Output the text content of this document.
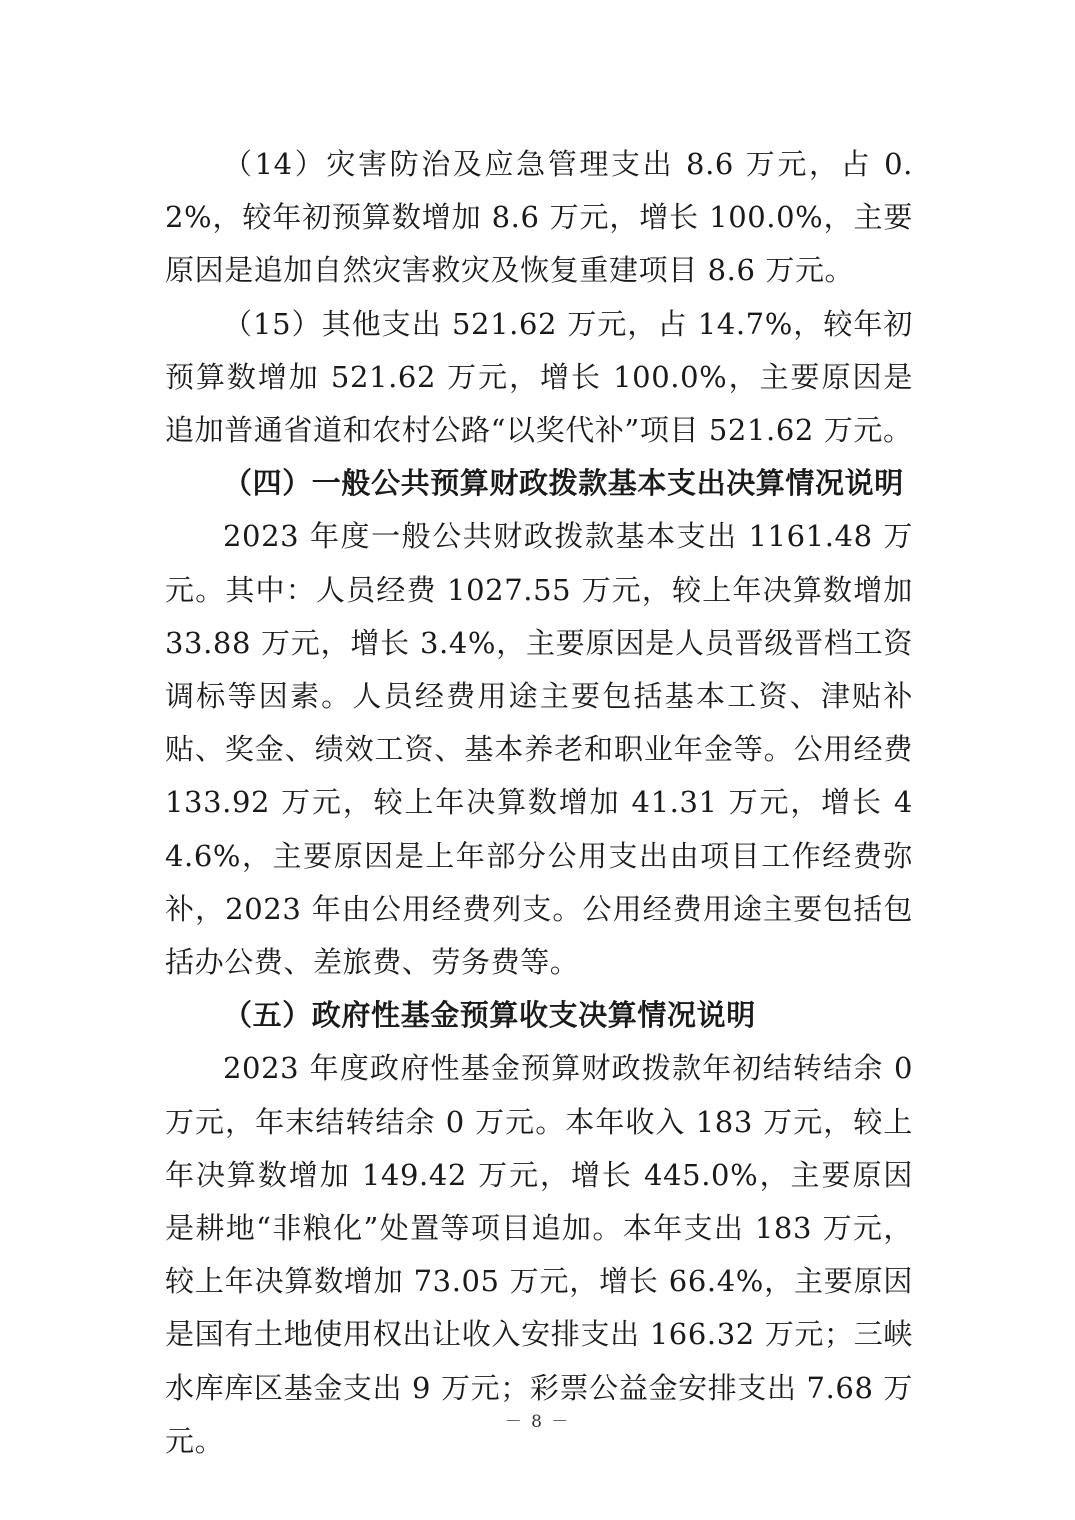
（14）灾害防治及应急管理支出 8.6 万元，占 0.2%，较年初预算数增加 8.6 万元，增长 100.0%，主要原因是追加自然灾害救灾及恢复重建项目 8.6 万元。

（15）其他支出 521.62 万元，占 14.7%，较年初预算数增加 521.62 万元，增长 100.0%，主要原因是追加普通省道和农村公路“以奖代补”项目 521.62 万元。

（四）一般公共预算财政拨款基本支出决算情况说明

2023 年度一般公共财政拨款基本支出 1161.48 万元。其中：人员经费 1027.55 万元，较上年决算数增加 33.88 万元，增长 3.4%，主要原因是人员晋级晋档工资调标等因素。人员经费用途主要包括基本工资、津贴补贴、奖金、绩效工资、基本养老和职业年金等。公用经费 133.92 万元，较上年决算数增加 41.31 万元，增长 44.6%，主要原因是上年部分公用支出由项目工作经费弥补，2023 年由公用经费列支。公用经费用途主要包括包括办公费、差旅费、劳务费等。

（五）政府性基金预算收支决算情况说明

2023 年度政府性基金预算财政拨款年初结转结余 0 万元，年末结转结余 0 万元。本年收入 183 万元，较上年决算数增加 149.42 万元，增长 445.0%，主要原因是耕地“非粮化”处置等项目追加。本年支出 183 万元，较上年决算数增加 73.05 万元，增长 66.4%，主要原因是国有土地使用权出让收入安排支出 166.32 万元；三峡水库库区基金支出 9 万元；彩票公益金安排支出 7.68 万元。

－ 8 －
